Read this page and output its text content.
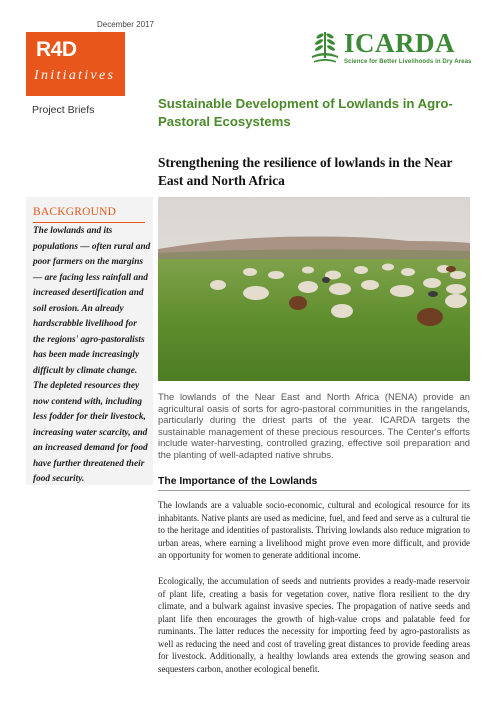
December 2017
R4D
Initiatives
ICARDA
Science for Better Livelihoods in Dry Areas
Project Briefs	Sustainable Development of Lowlands in Agro-Pastoral Ecosystems
Strengthening the resilience of lowlands in the Near East and North Africa
BACKGROUND
The lowlands and its populations — often rural and poor farmers on the margins — are facing less rainfall and increased desertification and soil erosion. An already hardscrabble livelihood for the regions' agro-pastoralists has been made increasingly difficult by climate change. The depleted resources they now contend with, including less fodder for their livestock, increasing water scarcity, and an increased demand for food have further threatened their food security.
The lowlands of the Near East and North Africa (NENA) provide an agricultural oasis of sorts for agro-pastoral communities in the rangelands, particularly during the driest parts of the year. ICARDA targets the sustainable management of these precious resources. The Center's efforts include water-harvesting, controlled grazing, effective soil preparation and the planting of well-adapted native shrubs.
The Importance of the Lowlands
The lowlands are a valuable socio-economic, cultural and ecological resource for its inhabitants. Native plants are used as medicine, fuel, and feed and serve as a cultural tie to the heritage and identities of pastoralists. Thriving lowlands also reduce migration to urban areas, where earning a livelihood might prove even more difficult, and provide an opportunity for women to generate additional income.
Ecologically, the accumulation of seeds and nutrients provides a ready-made reservoir of plant life, creating a basis for vegetation cover, native flora resilient to the dry climate, and a bulwark against invasive species. The propagation of native seeds and plant life then encourages the growth of high-value crops and palatable feed for ruminants. The latter reduces the necessity for importing feed by agro-pastoralists as well as reducing the need and cost of traveling great distances to provide feeding areas for livestock. Additionally, a healthy lowlands area extends the growing season and sequesters carbon, another ecological benefit.
